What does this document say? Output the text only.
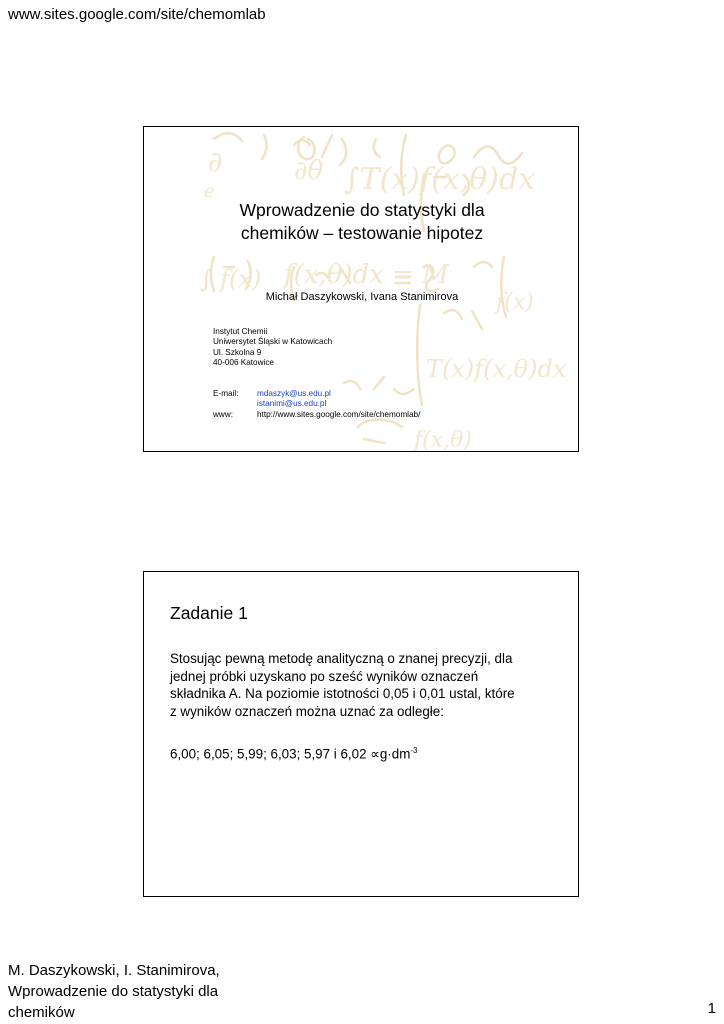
www.sites.google.com/site/chemomlab
∂	∂θ ∫T(x)f(x,θ)dx
∫ f(x) f(x,θ)dx = M
T(x)f(x,θ)dx
f(x,θ)
f(x)
e
Wprowadzenie do statystyki dla
chemików – testowanie hipotez
Michał Daszykowski, Ivana Stanimirova
Instytut Chemii
Uniwersytet Śląski w Katowicach
Ul. Szkolna 9
40-006 Katowice
E-mail:	mdaszyk@us.edu.pl
istanimi@us.edu.pl
www:	http://www.sites.google.com/site/chemomlab/
Zadanie 1
Stosując pewną metodę analityczną o znanej precyzji, dla
jednej próbki uzyskano po sześć wyników oznaczeń
składnika A. Na poziomie istotności 0,05 i 0,01 ustal, które
z wyników oznaczeń można uznać za odległe:
6,00; 6,05; 5,99; 6,03; 5,97 i $6,02 \propto g\cdot dm^{-3}$
M. Daszykowski, I. Stanimirova,
Wprowadzenie do statystyki dla
chemików	1
